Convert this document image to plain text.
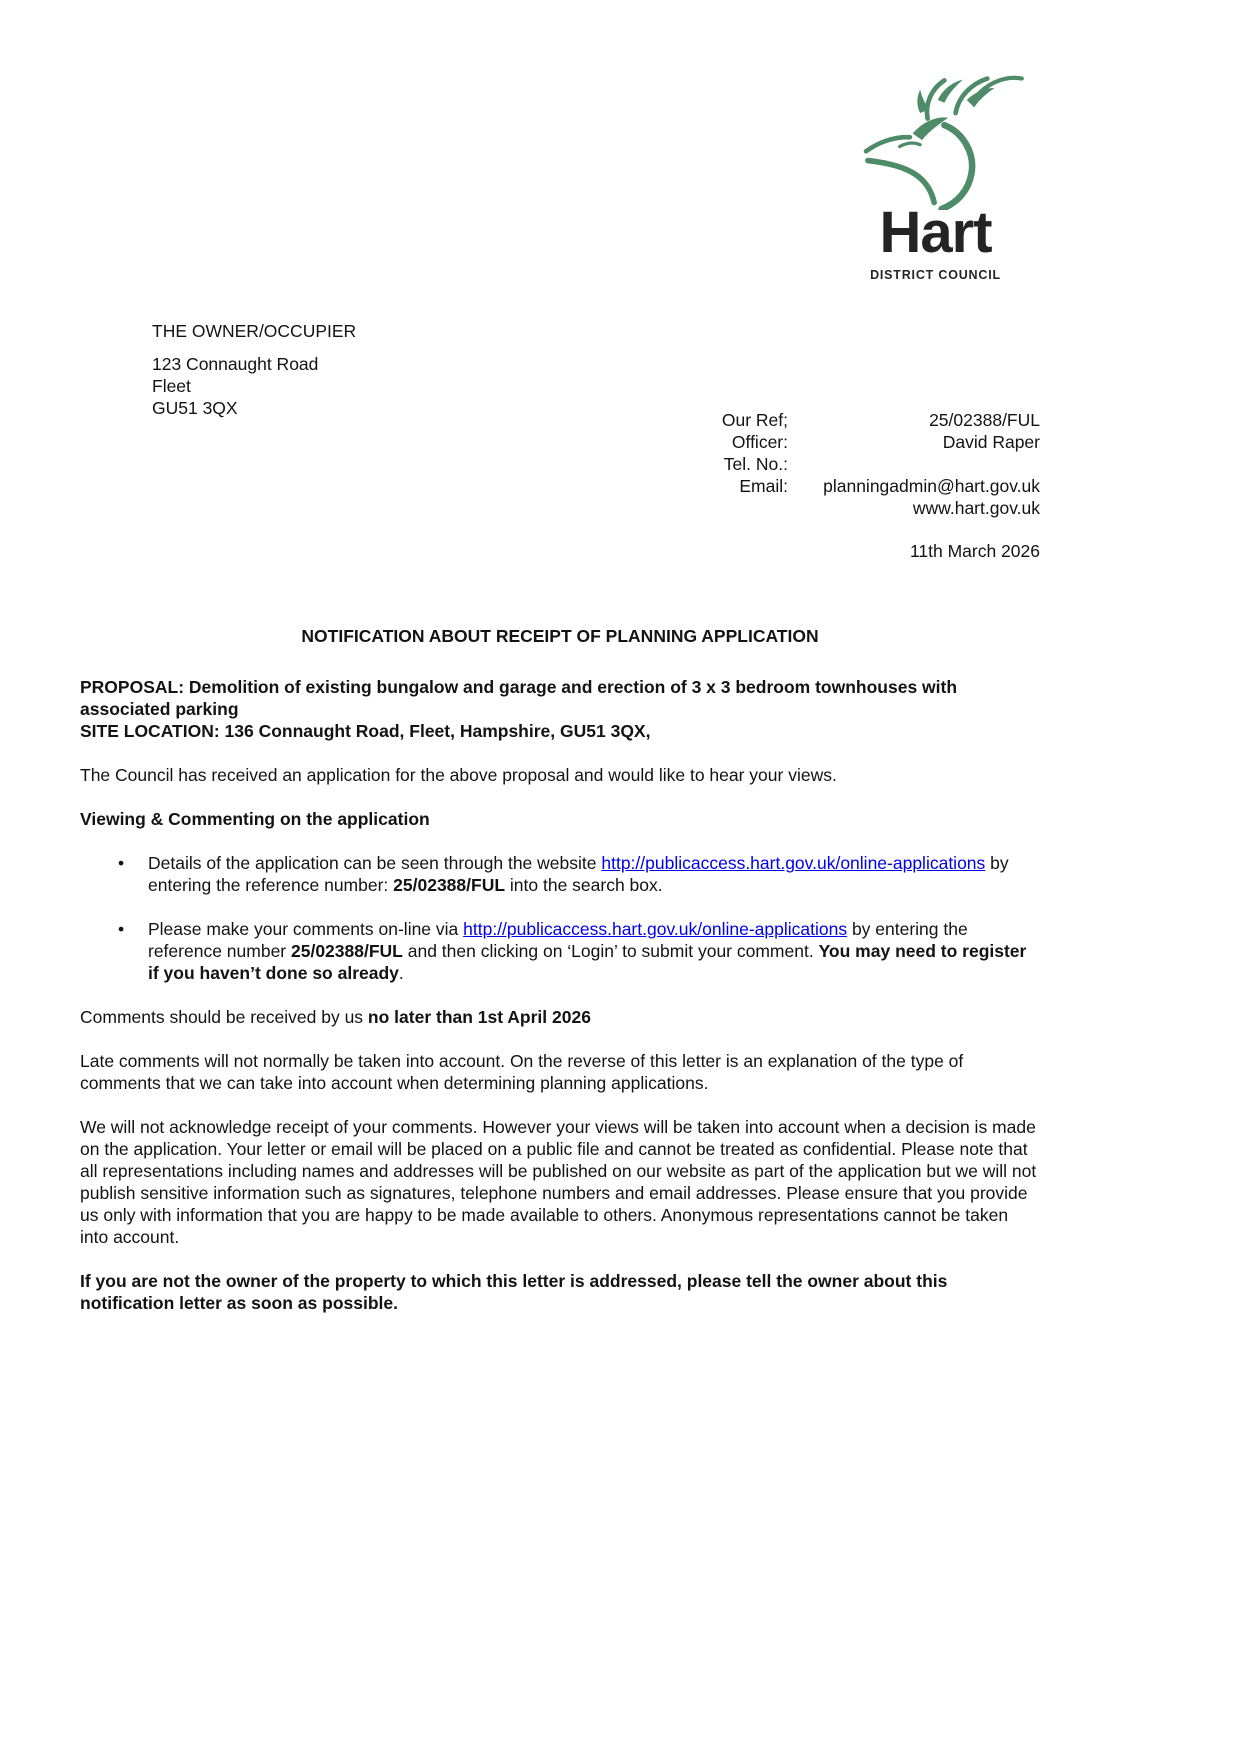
Hart
DISTRICT COUNCIL
THE OWNER/OCCUPIER
123 Connaught Road
Fleet
GU51 3QX
Our Ref;	25/02388/FUL
Officer:	David Raper
Tel. No.:

Email:	planningadmin@hart.gov.uk

www.hart.gov.uk
11th March 2026
NOTIFICATION ABOUT RECEIPT OF PLANNING APPLICATION
PROPOSAL: Demolition of existing bungalow and garage and erection of 3 x 3 bedroom townhouses with associated parking
SITE LOCATION: 136 Connaught Road, Fleet, Hampshire, GU51 3QX,
The Council has received an application for the above proposal and would like to hear your views.
Viewing & Commenting on the application
• Details of the application can be seen through the website http://publicaccess.hart.gov.uk/online-applications by entering the reference number: 25/02388/FUL into the search box.
• Please make your comments on-line via http://publicaccess.hart.gov.uk/online-applications by entering the reference number 25/02388/FUL and then clicking on ‘Login’ to submit your comment. You may need to register if you haven’t done so already.
Comments should be received by us no later than 1st April 2026
Late comments will not normally be taken into account. On the reverse of this letter is an explanation of the type of comments that we can take into account when determining planning applications.
We will not acknowledge receipt of your comments. However your views will be taken into account when a decision is made on the application. Your letter or email will be placed on a public file and cannot be treated as confidential. Please note that all representations including names and addresses will be published on our website as part of the application but we will not publish sensitive information such as signatures, telephone numbers and email addresses. Please ensure that you provide us only with information that you are happy to be made available to others. Anonymous representations cannot be taken into account.
If you are not the owner of the property to which this letter is addressed, please tell the owner about this notification letter as soon as possible.
